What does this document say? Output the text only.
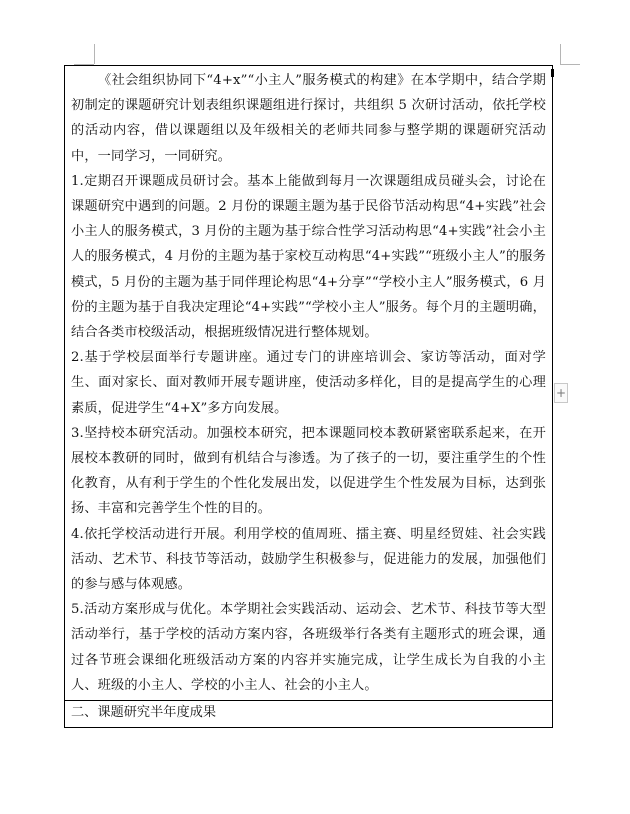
《社会组织协同下“4+x”“小主人”服务模式的构建》在本学期中，结合学期初制定的课题研究计划表组织课题组进行探讨，共组织 5 次研讨活动，依托学校的活动内容，借以课题组以及年级相关的老师共同参与整学期的课题研究活动中，一同学习，一同研究。

1.定期召开课题成员研讨会。基本上能做到每月一次课题组成员碰头会，讨论在课题研究中遇到的问题。2 月份的课题主题为基于民俗节活动构思“4+实践”社会小主人的服务模式，3 月份的主题为基于综合性学习活动构思“4+实践”社会小主人的服务模式，4 月份的主题为基于家校互动构思“4+实践”“班级小主人”的服务模式，5 月份的主题为基于同伴理论构思“4+分享”“学校小主人”服务模式，6 月份的主题为基于自我决定理论“4+实践”“学校小主人”服务。每个月的主题明确，结合各类市校级活动，根据班级情况进行整体规划。

2.基于学校层面举行专题讲座。通过专门的讲座培训会、家访等活动，面对学生、面对家长、面对教师开展专题讲座，使活动多样化，目的是提高学生的心理素质，促进学生“4+X”多方向发展。

3.坚持校本研究活动。加强校本研究，把本课题同校本教研紧密联系起来，在开展校本教研的同时，做到有机结合与渗透。为了孩子的一切，要注重学生的个性化教育，从有利于学生的个性化发展出发，以促进学生个性发展为目标，达到张扬、丰富和完善学生个性的目的。

4.依托学校活动进行开展。利用学校的值周班、擂主赛、明星经贸娃、社会实践活动、艺术节、科技节等活动，鼓励学生积极参与，促进能力的发展，加强他们的参与感与体观感。

5.活动方案形成与优化。本学期社会实践活动、运动会、艺术节、科技节等大型活动举行，基于学校的活动方案内容，各班级举行各类有主题形式的班会课，通过各节班会课细化班级活动方案的内容并实施完成，让学生成长为自我的小主人、班级的小主人、学校的小主人、社会的小主人。

二、课题研究半年度成果
+
